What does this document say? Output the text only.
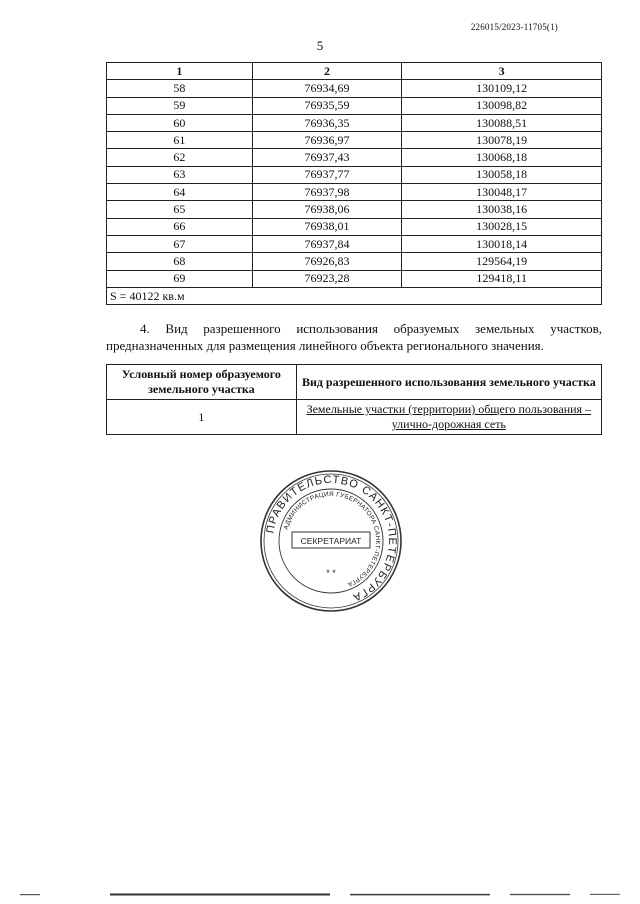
226015/2023-11705(1)
5
1	2	3
58	76934,69	130109,12
59	76935,59	130098,82
60	76936,35	130088,51
61	76936,97	130078,19
62	76937,43	130068,18
63	76937,77	130058,18
64	76937,98	130048,17
65	76938,06	130038,16
66	76938,01	130028,15
67	76937,84	130018,14
68	76926,83	129564,19
69	76923,28	129418,11
S = 40122 кв.м		

4. Вид разрешенного использования образуемых земельных участков, предназначенных для размещения линейного объекта регионального значения.

Условный номер образуемого земельного участка	Вид разрешенного использования земельного участка
1	Земельные участки (территории) общего пользования – улично-дорожная сеть
ПРАВИТЕЛЬСТВО САНКТ-ПЕТЕРБУРГА
АДМИНИСТРАЦИЯ ГУБЕРНАТОРА САНКТ-ПЕТЕРБУРГА
СЕКРЕТАРИАТ
* *
